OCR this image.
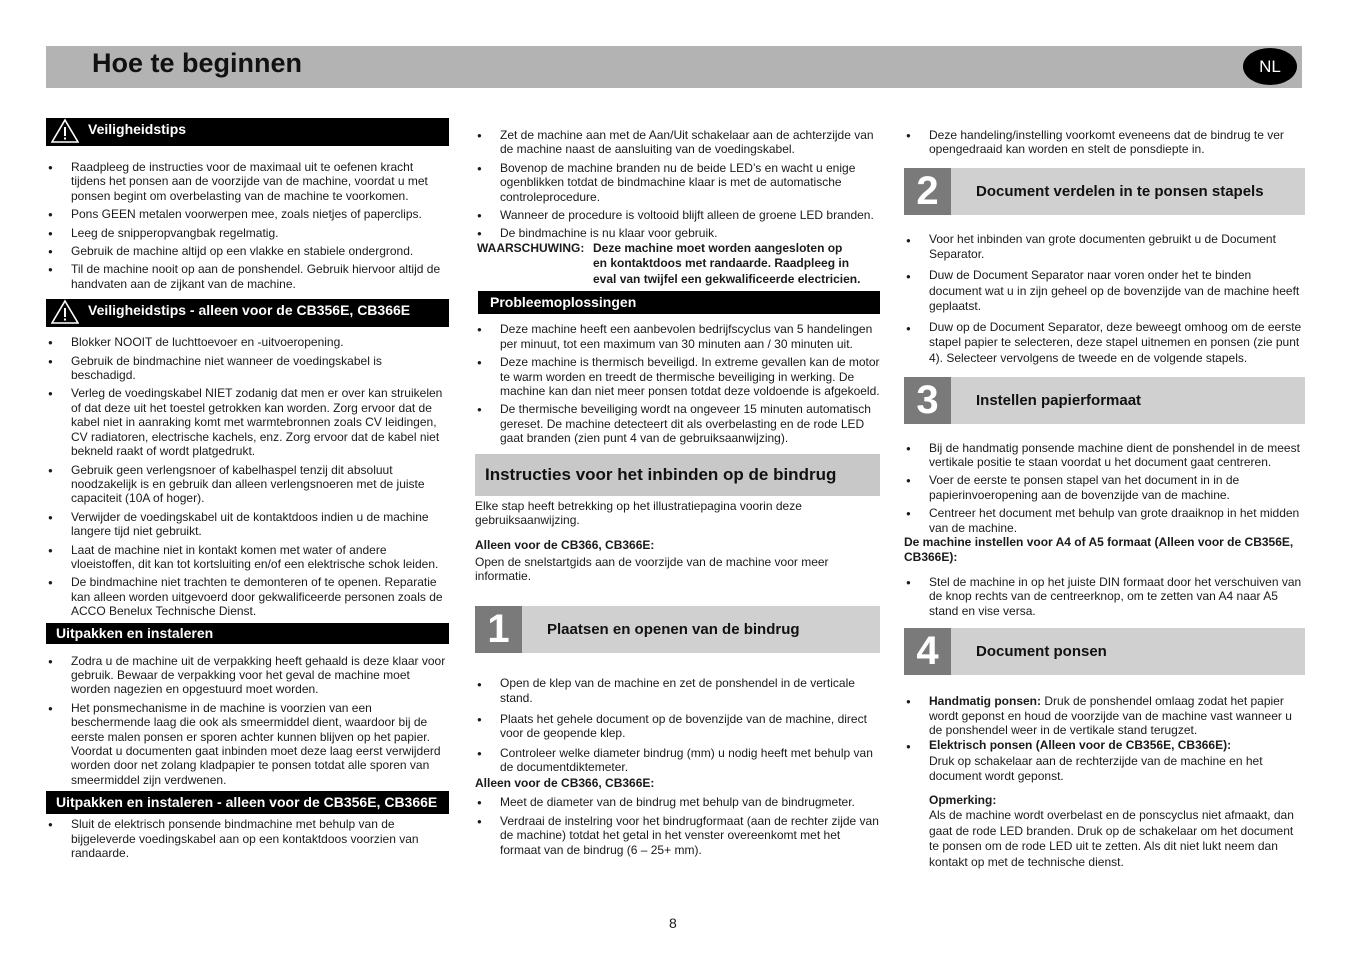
Hoe te beginnen	NL
Veiligheidstips
● Raadpleeg de instructies voor de maximaal uit te oefenen kracht tijdens het ponsen aan de voorzijde van de machine, voordat u met ponsen begint om overbelasting van de machine te voorkomen.
● Pons GEEN metalen voorwerpen mee, zoals nietjes of paperclips.
● Leeg de snipperopvangbak regelmatig.
● Gebruik de machine altijd op een vlakke en stabiele ondergrond.
● Til de machine nooit op aan de ponshendel. Gebruik hiervoor altijd de handvaten aan de zijkant van de machine.
Veiligheidstips - alleen voor de CB356E, CB366E
● Blokker NOOIT de luchttoevoer en -uitvoeropening.
● Gebruik de bindmachine niet wanneer de voedingskabel is beschadigd.
● Verleg de voedingskabel NIET zodanig dat men er over kan struikelen of dat deze uit het toestel getrokken kan worden. Zorg ervoor dat de kabel niet in aanraking komt met warmtebronnen zoals CV leidingen, CV radiatoren, electrische kachels, enz. Zorg ervoor dat de kabel niet bekneld raakt of wordt platgedrukt.
● Gebruik geen verlengsnoer of kabelhaspel tenzij dit absoluut noodzakelijk is en gebruik dan alleen verlengsnoeren met de juiste capaciteit (10A of hoger).
● Verwijder de voedingskabel uit de kontaktdoos indien u de machine langere tijd niet gebruikt.
● Laat de machine niet in kontakt komen met water of andere vloeistoffen, dit kan tot kortsluiting en/of een elektrische schok leiden.
● De bindmachine niet trachten te demonteren of te openen. Reparatie kan alleen worden uitgevoerd door gekwalificeerde personen zoals de ACCO Benelux Technische Dienst.
Uitpakken en instaleren
● Zodra u de machine uit de verpakking heeft gehaald is deze klaar voor gebruik. Bewaar de verpakking voor het geval de machine moet worden nagezien en opgestuurd moet worden.
● Het ponsmechanisme in de machine is voorzien van een beschermende laag die ook als smeermiddel dient, waardoor bij de eerste malen ponsen er sporen achter kunnen blijven op het papier. Voordat u documenten gaat inbinden moet deze laag eerst verwijderd worden door net zolang kladpapier te ponsen totdat alle sporen van smeermiddel zijn verdwenen.
Uitpakken en instaleren - alleen voor de CB356E, CB366E
● Sluit de elektrisch ponsende bindmachine met behulp van de bijgeleverde voedingskabel aan op een kontaktdoos voorzien van randaarde.
● Zet de machine aan met de Aan/Uit schakelaar aan de achterzijde van de machine naast de aansluiting van de voedingskabel.
● Bovenop de machine branden nu de beide LED’s en wacht u enige ogenblikken totdat de bindmachine klaar is met de automatische controleprocedure.
● Wanneer de procedure is voltooid blijft alleen de groene LED branden.
● De bindmachine is nu klaar voor gebruik.
WAARSCHUWING: Deze machine moet worden aangesloten op
en kontaktdoos met randaarde. Raadpleeg in
eval van twijfel een gekwalificeerde electricien.
Probleemoplossingen
● Deze machine heeft een aanbevolen bedrijfscyclus van 5 handelingen per minuut, tot een maximum van 30 minuten aan / 30 minuten uit.
● Deze machine is thermisch beveiligd. In extreme gevallen kan de motor te warm worden en treedt de thermische beveiliging in werking. De machine kan dan niet meer ponsen totdat deze voldoende is afgekoeld.
● De thermische beveiliging wordt na ongeveer 15 minuten automatisch gereset. De machine detecteert dit als overbelasting en de rode LED gaat branden (zien punt 4 van de gebruiksaanwijzing).
Instructies voor het inbinden op de bindrug

Elke stap heeft betrekking op het illustratiepagina voorin deze gebruiksaanwijzing.

Alleen voor de CB366, CB366E:

Open de snelstartgids aan de voorzijde van de machine voor meer informatie.

1	Plaatsen en openen van de bindrug
● Open de klep van de machine en zet de ponshendel in de verticale stand.
● Plaats het gehele document op de bovenzijde van de machine, direct voor de geopende klep.
● Controleer welke diameter bindrug (mm) u nodig heeft met behulp van de documentdiktemeter.

Alleen voor de CB366, CB366E:

● Meet de diameter van de bindrug met behulp van de bindrugmeter.
● Verdraai de instelring voor het bindrugformaat (aan de rechter zijde van de machine) totdat het getal in het venster overeenkomt met het formaat van de bindrug (6 – 25+ mm).
8
● Deze handeling/instelling voorkomt eveneens dat de bindrug te ver opengedraaid kan worden en stelt de ponsdiepte in.
2	Document verdelen in te ponsen stapels
● Voor het inbinden van grote documenten gebruikt u de Document Separator.
● Duw de Document Separator naar voren onder het te binden document wat u in zijn geheel op de bovenzijde van de machine heeft geplaatst.
● Duw op de Document Separator, deze beweegt omhoog om de eerste stapel papier te selecteren, deze stapel uitnemen en ponsen (zie punt 4). Selecteer vervolgens de tweede en de volgende stapels.
3	Instellen papierformaat
● Bij de handmatig ponsende machine dient de ponshendel in de meest vertikale positie te staan voordat u het document gaat centreren.
● Voer de eerste te ponsen stapel van het document in in de papierinvoeropening aan de bovenzijde van de machine.
● Centreer het document met behulp van grote draaiknop in het midden van de machine.

De machine instellen voor A4 of A5 formaat (Alleen voor de CB356E, CB366E):

● Stel de machine in op het juiste DIN formaat door het verschuiven van de knop rechts van de centreerknop, om te zetten van A4 naar A5 stand en vise versa.
4	Document ponsen
● Handmatig ponsen: Druk de ponshendel omlaag zodat het papier wordt geponst en houd de voorzijde van de machine vast wanneer u de ponshendel weer in de vertikale stand terugzet.
● Elektrisch ponsen (Alleen voor de CB356E, CB366E):
Druk op schakelaar aan de rechterzijde van de machine en het document wordt geponst.
Opmerking:
Als de machine wordt overbelast en de ponscyclus niet afmaakt, dan gaat de rode LED branden. Druk op de schakelaar om het document te ponsen om de rode LED uit te zetten. Als dit niet lukt neem dan kontakt op met de technische dienst.
